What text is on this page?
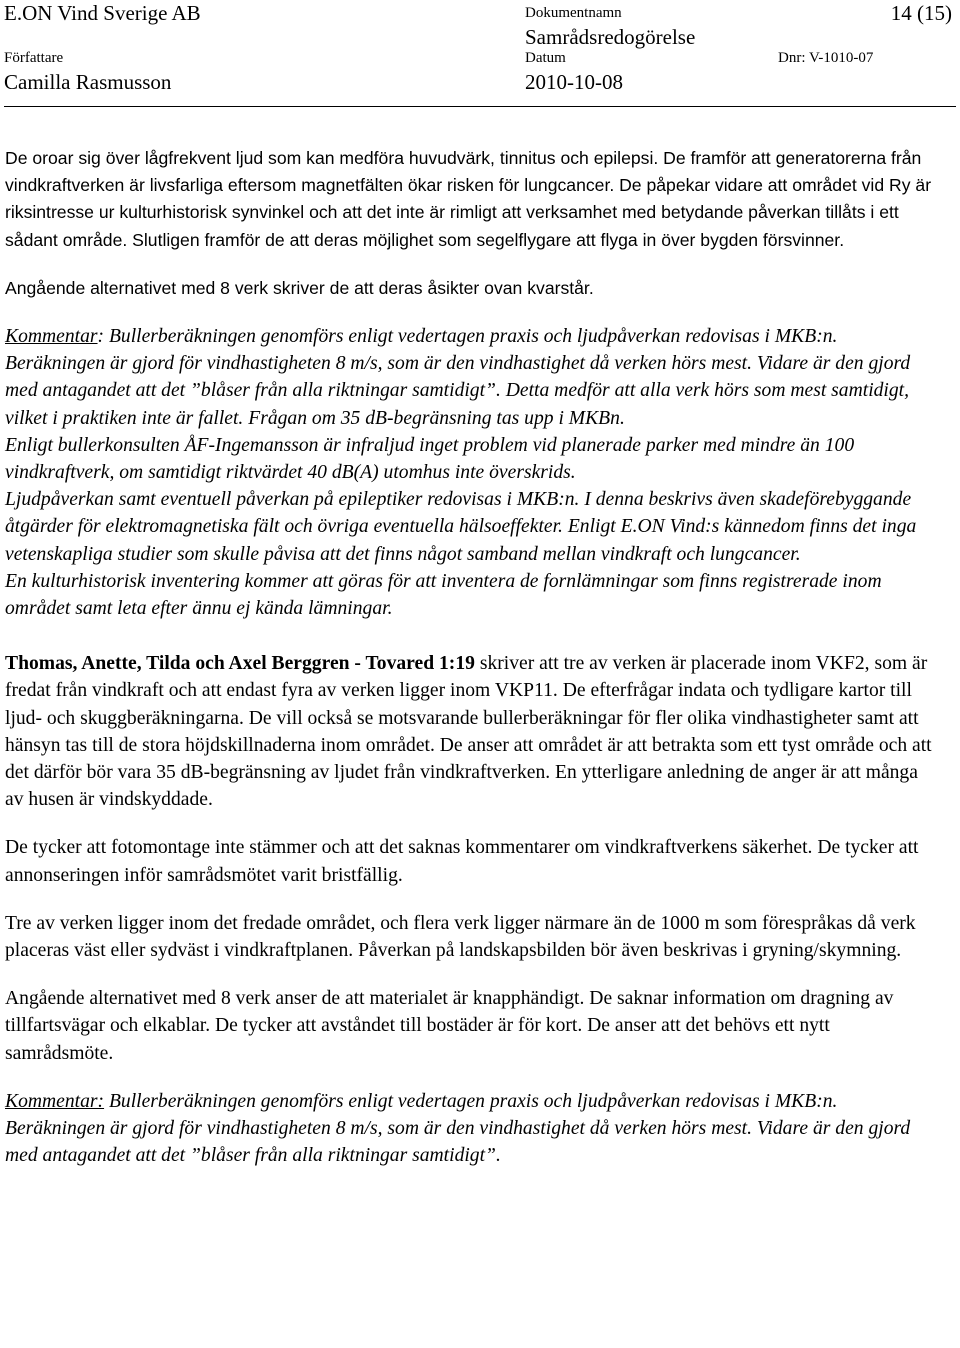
E.ON Vind Sverige AB	Dokumentnamn	14 (15)
Samrådsredogörelse
Författare	Datum	Dnr: V-1010-07
Camilla Rasmusson	2010-10-08

De oroar sig över lågfrekvent ljud som kan medföra huvudvärk, tinnitus och epilepsi. De framför att generatorerna från vindkraftverken är livsfarliga eftersom magnetfälten ökar risken för lungcancer. De påpekar vidare att området vid Ry är riksintresse ur kulturhistorisk synvinkel och att det inte är rimligt att verksamhet med betydande påverkan tillåts i ett sådant område. Slutligen framför de att deras möjlighet som segelflygare att flyga in över bygden försvinner.

Angående alternativet med 8 verk skriver de att deras åsikter ovan kvarstår.

Kommentar: Bullerberäkningen genomförs enligt vedertagen praxis och ljudpåverkan redovisas i MKB:n. Beräkningen är gjord för vindhastigheten 8 m/s, som är den vindhastighet då verken hörs mest. Vidare är den gjord med antagandet att det ”blåser från alla riktningar samtidigt”. Detta medför att alla verk hörs som mest samtidigt, vilket i praktiken inte är fallet. Frågan om 35 dB-begränsning tas upp i MKBn.
Enligt bullerkonsulten ÅF-Ingemansson är infraljud inget problem vid planerade parker med mindre än 100 vindkraftverk, om samtidigt riktvärdet 40 dB(A) utomhus inte överskrids.
Ljudpåverkan samt eventuell påverkan på epileptiker redovisas i MKB:n. I denna beskrivs även skadeförebyggande åtgärder för elektromagnetiska fält och övriga eventuella hälsoeffekter. Enligt E.ON Vind:s kännedom finns det inga vetenskapliga studier som skulle påvisa att det finns något samband mellan vindkraft och lungcancer.
En kulturhistorisk inventering kommer att göras för att inventera de fornlämningar som finns registrerade inom området samt leta efter ännu ej kända lämningar.

Thomas, Anette, Tilda och Axel Berggren - Tovared 1:19 skriver att tre av verken är placerade inom VKF2, som är fredat från vindkraft och att endast fyra av verken ligger inom VKP11. De efterfrågar indata och tydligare kartor till ljud- och skuggberäkningarna. De vill också se motsvarande bullerberäkningar för fler olika vindhastigheter samt att hänsyn tas till de stora höjdskillnaderna inom området. De anser att området är att betrakta som ett tyst område och att det därför bör vara 35 dB-begränsning av ljudet från vindkraftverken. En ytterligare anledning de anger är att många av husen är vindskyddade.

De tycker att fotomontage inte stämmer och att det saknas kommentarer om vindkraftverkens säkerhet. De tycker att annonseringen inför samrådsmötet varit bristfällig.

Tre av verken ligger inom det fredade området, och flera verk ligger närmare än de 1000 m som förespråkas då verk placeras väst eller sydväst i vindkraftplanen. Påverkan på landskapsbilden bör även beskrivas i gryning/skymning.

Angående alternativet med 8 verk anser de att materialet är knapphändigt. De saknar information om dragning av tillfartsvägar och elkablar. De tycker att avståndet till bostäder är för kort. De anser att det behövs ett nytt samrådsmöte.

Kommentar: Bullerberäkningen genomförs enligt vedertagen praxis och ljudpåverkan redovisas i MKB:n. Beräkningen är gjord för vindhastigheten 8 m/s, som är den vindhastighet då verken hörs mest. Vidare är den gjord med antagandet att det ”blåser från alla riktningar samtidigt”.
